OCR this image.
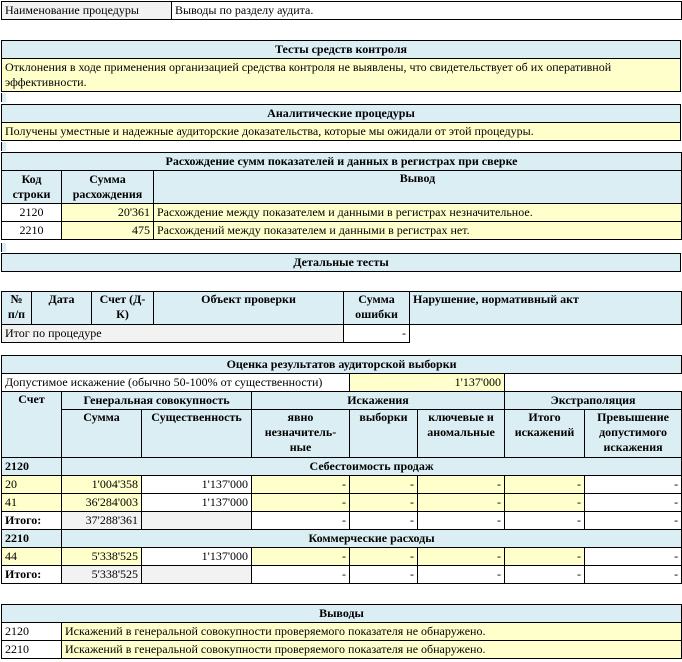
Наименование процедуры	Выводы по разделу аудита.
Тесты средств контроля
Отклонения в ходе применения организацией средства контроля не выявлены, что свидетельствует об их оперативной эффективности.
Аналитические процедуры
Получены уместные и надежные аудиторские доказательства, которые мы ожидали от этой процедуры.
Расхождение сумм показателей и данных в регистрах при сверке		
Код строки	Сумма расхождения	Вывод
2120	20'361	Расхождение между показателем и данными в регистрах незначительное.
2210	475	Расхождений между показателем и данными в регистрах нет.
Детальные тесты
№ п/п	Дата	Счет (Д-К)	Объект проверки	Сумма ошибки	Нарушение, нормативный акт
Итог по процедуре				-	
Оценка результатов аудиторской выборки							
Допустимое искажение (обычно 50-100% от существенности)				1'137'000			
Счет	Генеральная совокупность		Искажения			Экстраполяция	
	Сумма	Существенность	явно незначитель-ные	выборки	ключевые и аномальные	Итого искажений	Превышение допустимого искажения
2120	Себестоимость продаж						
20	1'004'358	1'137'000	-	-	-	-	-
41	36'284'003	1'137'000	-	-	-	-	-
Итого:	37'288'361		-	-	-	-	-
2210	Коммерческие расходы						
44	5'338'525	1'137'000	-	-	-	-	-
Итого:	5'338'525		-	-	-	-	-
Выводы	
2120	Искажений в генеральной совокупности проверяемого показателя не обнаружено.
2210	Искажений в генеральной совокупности проверяемого показателя не обнаружено.
